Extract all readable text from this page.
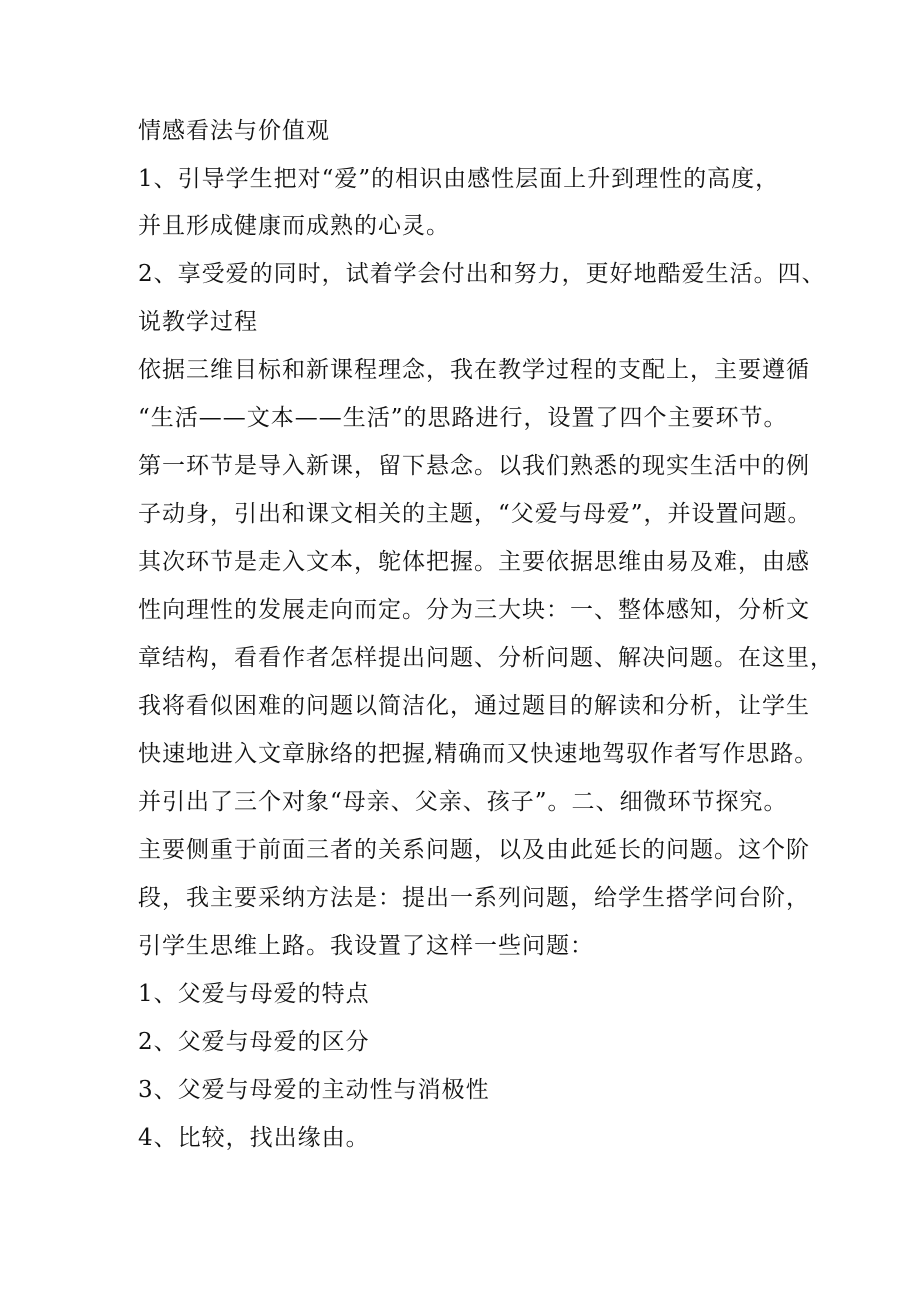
情感看法与价值观
1、引导学生把对“爱”的相识由感性层面上升到理性的高度，
并且形成健康而成熟的心灵。
2、享受爱的同时，试着学会付出和努力，更好地酷爱生活。四、
说教学过程
依据三维目标和新课程理念，我在教学过程的支配上，主要遵循
“生活——文本——生活”的思路进行，设置了四个主要环节。
第一环节是导入新课，留下悬念。以我们熟悉的现实生活中的例
子动身，引出和课文相关的主题，“父爱与母爱”，并设置问题。
其次环节是走入文本，鸵体把握。主要依据思维由易及难，由感
性向理性的发展走向而定。分为三大块：一、整体感知，分析文
章结构，看看作者怎样提出问题、分析问题、解决问题。在这里，
我将看似困难的问题以简洁化，通过题目的解读和分析，让学生
快速地进入文章脉络的把握,精确而又快速地驾驭作者写作思路。
并引出了三个对象“母亲、父亲、孩子”。二、细微环节探究。
主要侧重于前面三者的关系问题，以及由此延长的问题。这个阶
段，我主要采纳方法是：提出一系列问题，给学生搭学问台阶，
引学生思维上路。我设置了这样一些问题：
1、父爱与母爱的特点
2、父爱与母爱的区分
3、父爱与母爱的主动性与消极性
4、比较，找出缘由。
